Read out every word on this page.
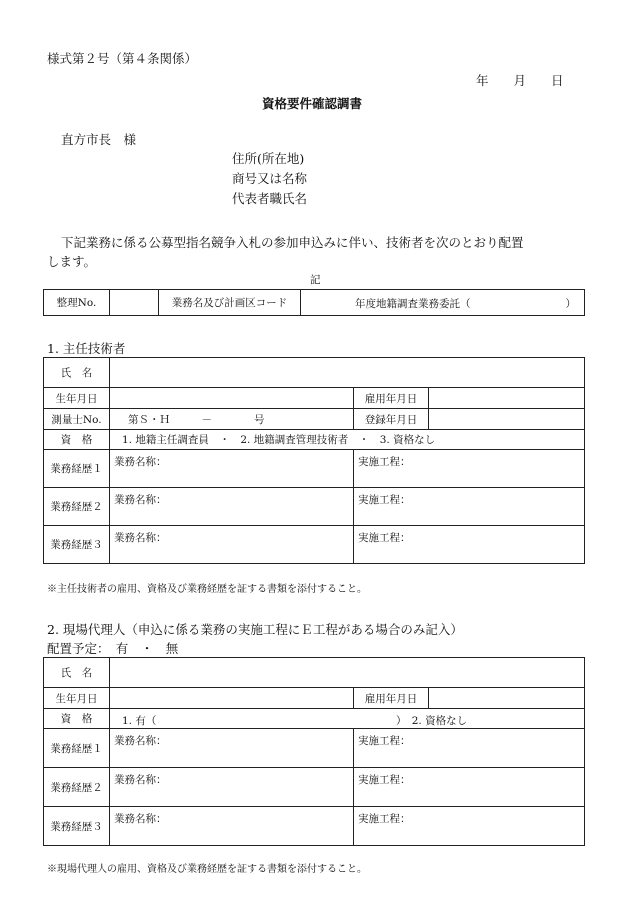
様式第２号（第４条関係）
年　　月　　日
資格要件確認調書
直方市長　様
住所(所在地)
商号又は名称
代表者職氏名
下記業務に係る公募型指名競争入札の参加申込みに伴い、技術者を次のとおり配置
します。
記
整理No.		業務名及び計画区コード	年度地籍調査業務委託（	）
1. 主任技術者
氏　名			
生年月日		雇用年月日	
測量士No.	第Ｓ・Ｈ　　　－　　　　号	登録年月日	
資　格	1. 地籍主任調査員　・　2. 地籍調査管理技術者　・　3. 資格なし		
業務経歴１	業務名称：	実施工程：	
業務経歴２	業務名称：	実施工程：	
業務経歴３	業務名称：	実施工程：	
※主任技術者の雇用、資格及び業務経歴を証する書類を添付すること。
2. 現場代理人（申込に係る業務の実施工程にＥ工程がある場合のみ記入）
配置予定：　有　・　無
氏　名			
生年月日		雇用年月日	
資　格	1. 有（ ）　2. 資格なし		

業務経歴１	業務名称：	実施工程：	
業務経歴２	業務名称：	実施工程：	
業務経歴３	業務名称：	実施工程：	
※現場代理人の雇用、資格及び業務経歴を証する書類を添付すること。
